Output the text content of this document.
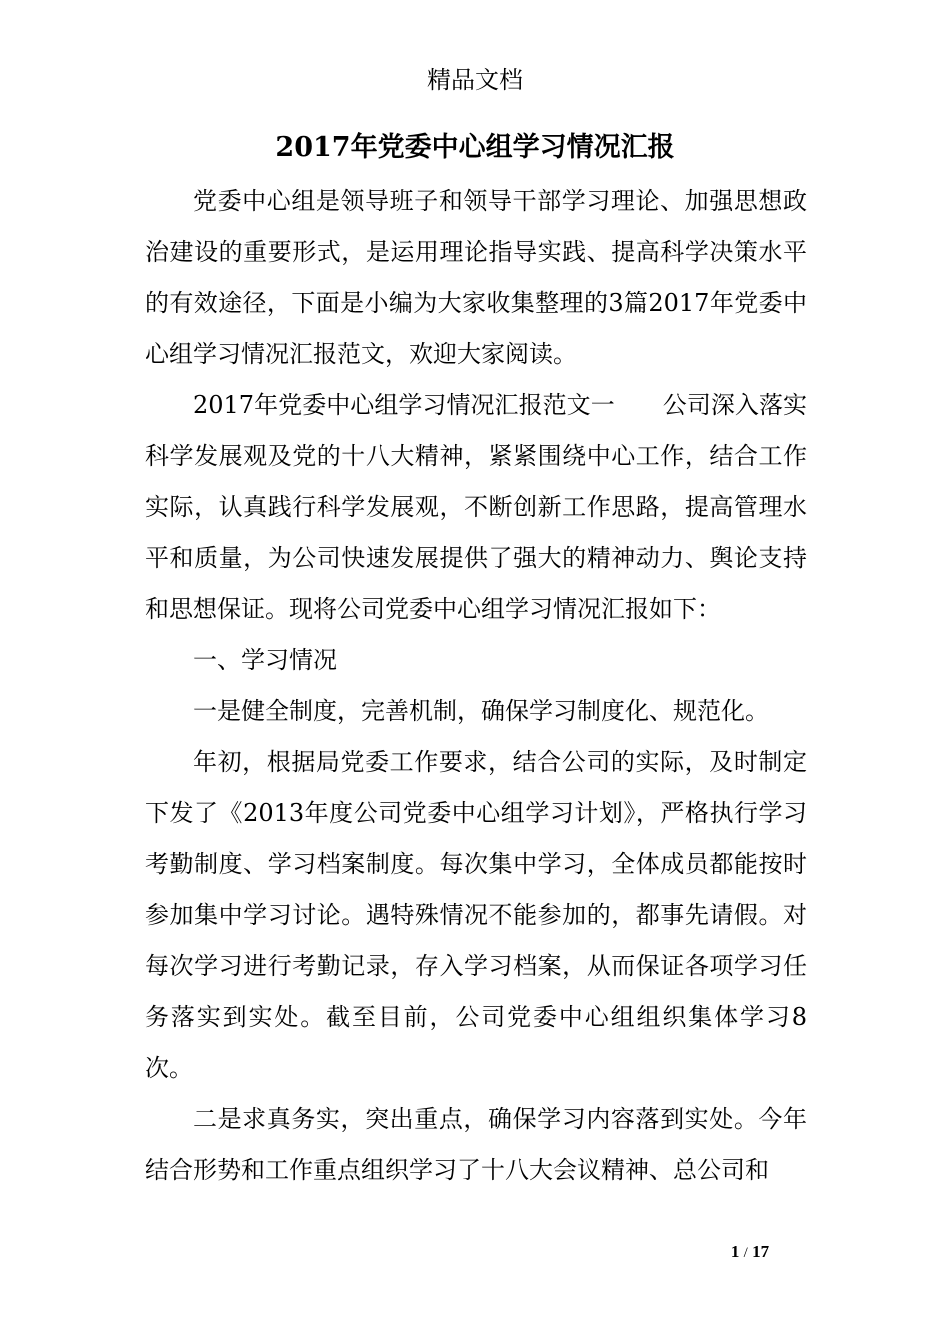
精品文档
2017年党委中心组学习情况汇报

党委中心组是领导班子和领导干部学习理论、加强思想政治建设的重要形式，是运用理论指导实践、提高科学决策水平的有效途径，下面是小编为大家收集整理的3篇2017年党委中心组学习情况汇报范文，欢迎大家阅读。

2017年党委中心组学习情况汇报范文一 公司深入落实科学发展观及党的十八大精神，紧紧围绕中心工作，结合工作实际，认真践行科学发展观，不断创新工作思路，提高管理水平和质量，为公司快速发展提供了强大的精神动力、舆论支持和思想保证。现将公司党委中心组学习情况汇报如下：

一、学习情况

一是健全制度，完善机制，确保学习制度化、规范化。

年初，根据局党委工作要求，结合公司的实际，及时制定下发了《2013年度公司党委中心组学习计划》，严格执行学习考勤制度、学习档案制度。每次集中学习，全体成员都能按时参加集中学习讨论。遇特殊情况不能参加的，都事先请假。对每次学习进行考勤记录，存入学习档案，从而保证各项学习任务落实到实处。截至目前，公司党委中心组组织集体学习8次。

二是求真务实，突出重点，确保学习内容落到实处。今年结合形势和工作重点组织学习了十八大会议精神、总公司和

1 / 17
